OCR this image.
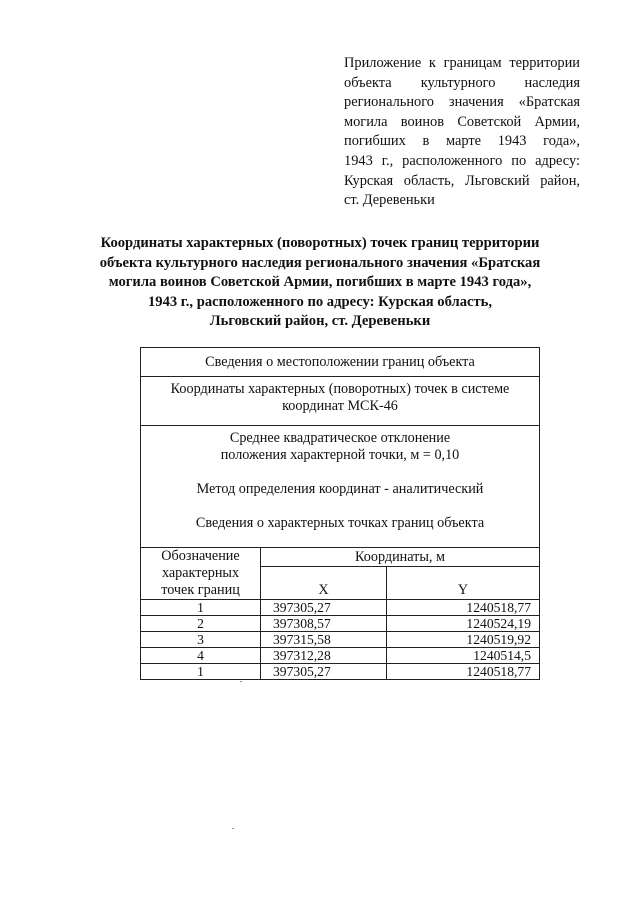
Приложение к границам территории
объекта культурного наследия
регионального значения «Братская
могила воинов Советской Армии,
погибших в марте 1943 года»,
1943 г., расположенного по адресу:
Курская область, Льговский район,
ст. Деревеньки
Координаты характерных (поворотных) точек границ территории
объекта культурного наследия регионального значения «Братская
могила воинов Советской Армии, погибших в марте 1943 года»,
1943 г., расположенного по адресу: Курская область,
Льговский район, ст. Деревеньки
Сведения о местоположении границ объекта		

Координаты характерных (поворотных) точек в системе
координат МСК-46		

Среднее квадратическое отклонение

положения характерной точки, м = 0,10

Метод определения координат - аналитический

Сведения о характерных точках границ объекта		

Обозначение
характерных
точек границ	Координаты, м	
	X	Y
1	397305,27	1240518,77
2	397308,57	1240524,19
3	397315,58	1240519,92
4	397312,28	1240514,5
1	397305,27	1240518,77
